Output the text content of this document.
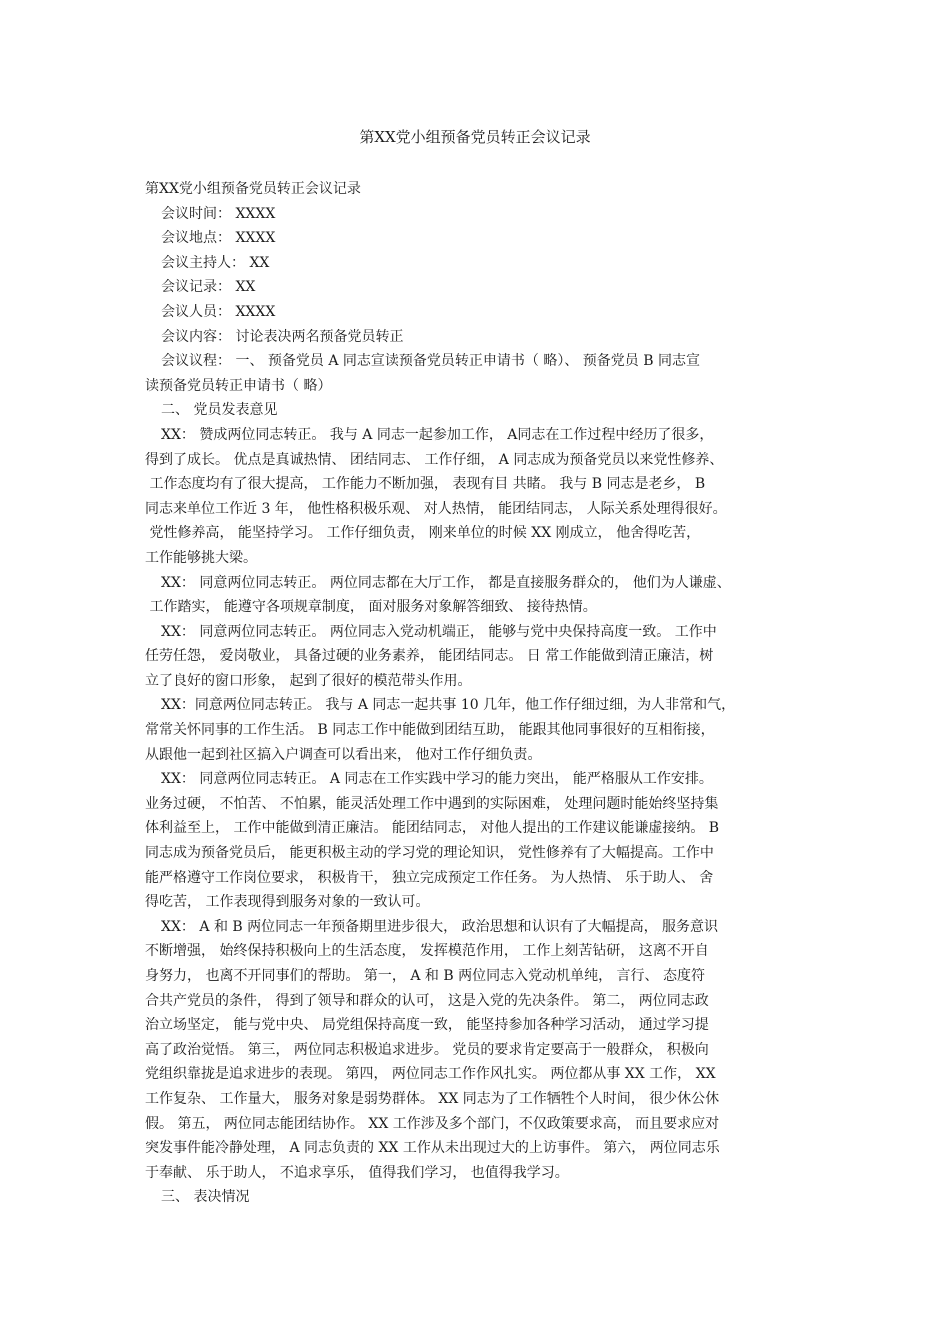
第XX党小组预备党员转正会议记录
第XX党小组预备党员转正会议记录
会议时间： XXXX
会议地点： XXXX
会议主持人： XX
会议记录： XX
会议人员： XXXX
会议内容： 讨论表决两名预备党员转正
会议议程： 一、 预备党员 A 同志宣读预备党员转正申请书（ 略）、 预备党员 B 同志宣
读预备党员转正申请书（ 略）
二、 党员发表意见
XX： 赞成两位同志转正。 我与 A 同志一起参加工作， A同志在工作过程中经历了很多，
得到了成长。 优点是真诚热情、 团结同志、 工作仔细， A 同志成为预备党员以来党性修养、
工作态度均有了很大提高， 工作能力不断加强， 表现有目 共睹。 我与 B 同志是老乡， B
同志来单位工作近 3 年， 他性格积极乐观、 对人热情， 能团结同志， 人际关系处理得很好。
党性修养高， 能坚持学习。 工作仔细负责， 刚来单位的时候 XX 刚成立， 他舍得吃苦，
工作能够挑大梁。
XX： 同意两位同志转正。 两位同志都在大厅工作， 都是直接服务群众的， 他们为人谦虚、
工作踏实， 能遵守各项规章制度， 面对服务对象解答细致、 接待热情。
XX： 同意两位同志转正。 两位同志入党动机端正， 能够与党中央保持高度一致。 工作中
任劳任怨， 爱岗敬业， 具备过硬的业务素养， 能团结同志。 日 常工作能做到清正廉洁，树
立了良好的窗口形象， 起到了很好的模范带头作用。
XX：同意两位同志转正。 我与 A 同志一起共事 10 几年，他工作仔细过细，为人非常和气，
常常关怀同事的工作生活。 B 同志工作中能做到团结互助， 能跟其他同事很好的互相衔接，
从跟他一起到社区搞入户调查可以看出来， 他对工作仔细负责。
XX： 同意两位同志转正。 A 同志在工作实践中学习的能力突出， 能严格服从工作安排。
业务过硬， 不怕苦、 不怕累，能灵活处理工作中遇到的实际困难， 处理问题时能始终坚持集
体利益至上， 工作中能做到清正廉洁。 能团结同志， 对他人提出的工作建议能谦虚接纳。 B
同志成为预备党员后， 能更积极主动的学习党的理论知识， 党性修养有了大幅提高。工作中
能严格遵守工作岗位要求， 积极肯干， 独立完成预定工作任务。 为人热情、 乐于助人、 舍
得吃苦， 工作表现得到服务对象的一致认可。
XX： A 和 B 两位同志一年预备期里进步很大， 政治思想和认识有了大幅提高， 服务意识
不断增强， 始终保持积极向上的生活态度， 发挥模范作用， 工作上刻苦钻研， 这离不开自
身努力， 也离不开同事们的帮助。 第一， A 和 B 两位同志入党动机单纯， 言行、 态度符
合共产党员的条件， 得到了领导和群众的认可， 这是入党的先决条件。 第二， 两位同志政
治立场坚定， 能与党中央、 局党组保持高度一致， 能坚持参加各种学习活动， 通过学习提
高了政治觉悟。 第三， 两位同志积极追求进步。 党员的要求肯定要高于一般群众， 积极向
党组织靠拢是追求进步的表现。 第四， 两位同志工作作风扎实。 两位都从事 XX 工作， XX
工作复杂、 工作量大， 服务对象是弱势群体。 XX 同志为了工作牺牲个人时间， 很少休公休
假。 第五， 两位同志能团结协作。 XX 工作涉及多个部门，不仅政策要求高， 而且要求应对
突发事件能冷静处理， A 同志负责的 XX 工作从未出现过大的上访事件。 第六， 两位同志乐
于奉献、 乐于助人， 不追求享乐， 值得我们学习， 也值得我学习。
三、 表决情况
